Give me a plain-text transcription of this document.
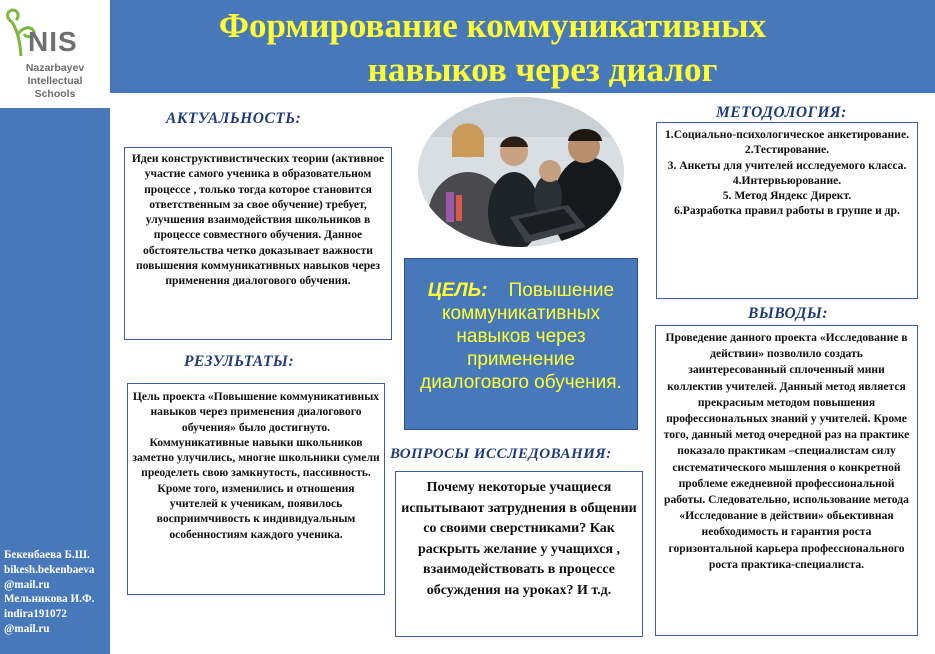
NIS
Nazarbayev
Intellectual
Schools
Формирование коммуникативных
навыков через диалог
АКТУАЛЬНОСТЬ:

Идеи конструктивистических теории (активное участие самого ученика в образовательном процессе , только тогда которое становится ответственным за свое обучение) требует, улучшения взаимодействия школьников в процессе совместного обучения. Данное обстоятельства четко доказывает важности повышения коммуникативных навыков через применения диалогового обучения.

РЕЗУЛЬТАТЫ:

Цель проекта «Повышение коммуникативных навыков через применения диалогового обучения» было достигнуто. Коммуникативные навыки школьников заметно улучились, многие школьники сумели преоделеть свою замкнутость, пассивность. Кроме того, изменились и отношения учителей к ученикам, появилось восприимчивость к индивидуальным особенностиям каждого ученика.

ЦЕЛЬ: Повышение коммуникативных навыков через применение диалогового обучения.
ВОПРОСЫ ИССЛЕДОВАНИЯ:

Почему некоторые учащиеся испытывают затруднения в общении со своими сверстниками? Как раскрыть желание у учащихся , взаимодействовать в процессе обсуждения на уроках? И т.д.

МЕТОДОЛОГИЯ:
1.Социально-психологическое анкетирование.
2.Тестирование.
3. Анкеты для учителей исследуемого класса.
4.Интервьюрование.
5. Метод Яндекс Директ.
6.Разработка правил работы в группе и др.
ВЫВОДЫ:

Проведение данного проекта «Исследование в действии» позволило создать заинтересованный сплоченный мини коллектив учителей. Данный метод является прекрасным методом повышения профессиональных знаний у учителей. Кроме того, данный метод очередной раз на практике показало практикам –специалистам силу систематического мышления о конкретной проблеме ежедневной профессиональной работы. Следовательно, использование метода «Исследование в действии» обьективная необходимость и гарантия роста горизонтальной карьера профессионального роста практика-специалиста.

Бекенбаева Б.Ш.
bikesh.bekenbaeva
@mail.ru
Мельникова И.Ф.
indira191072
@mail.ru
